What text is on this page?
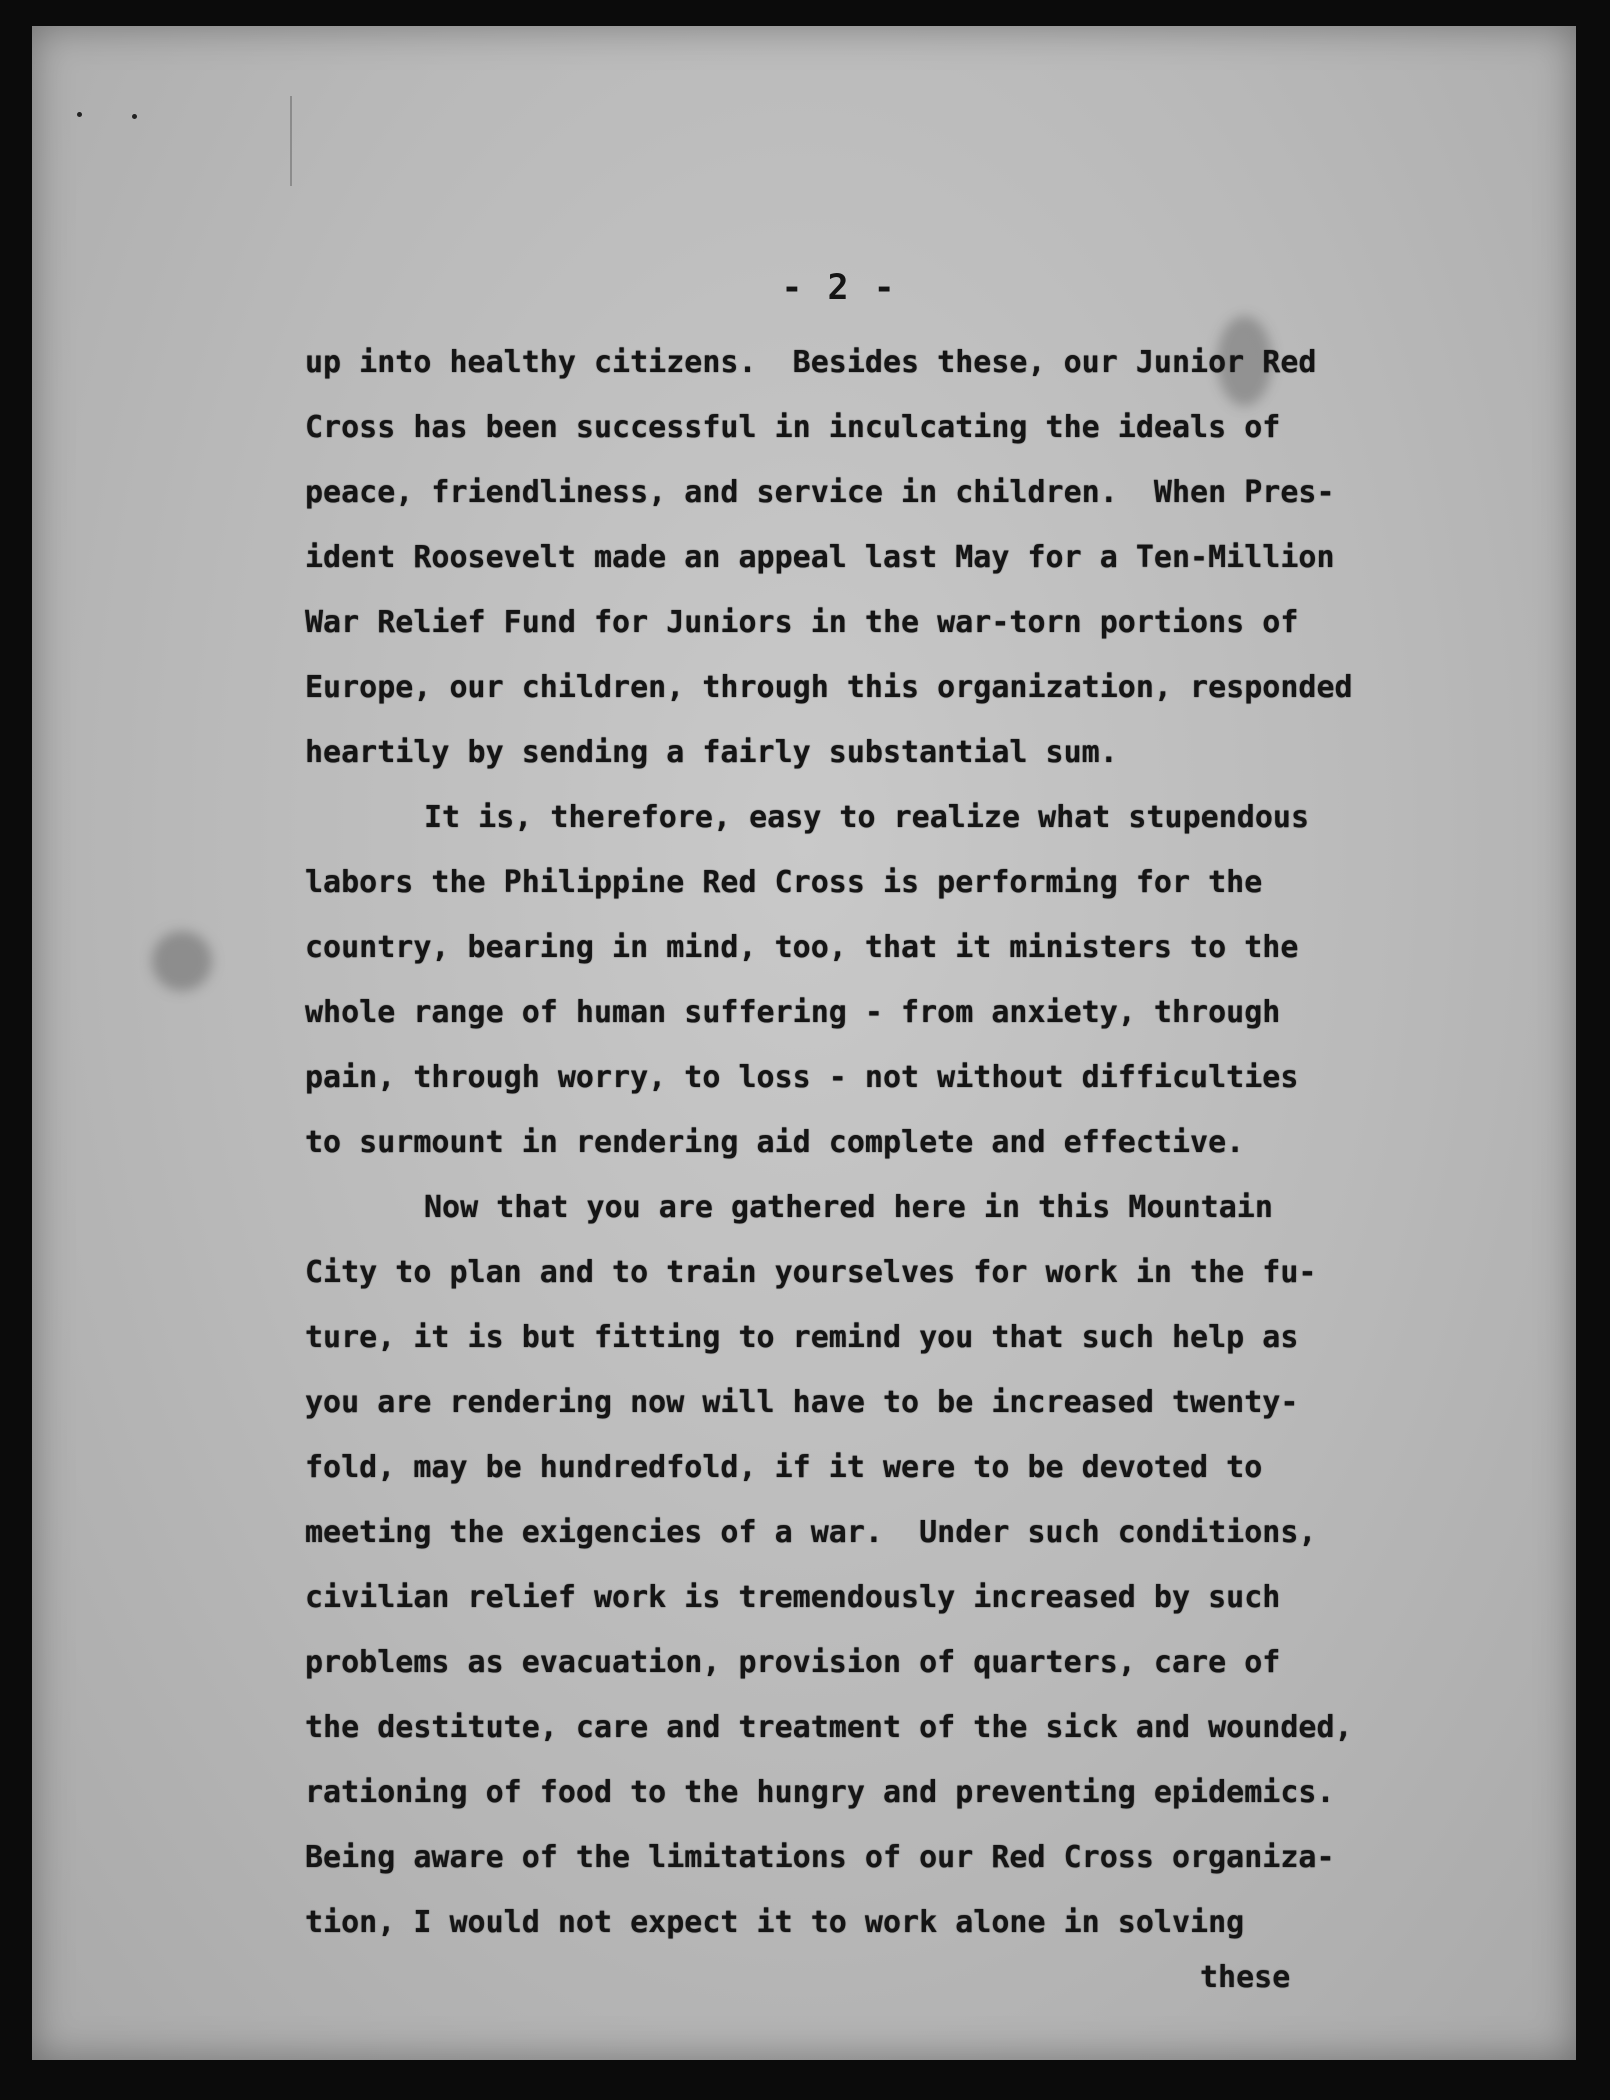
- 2 -
up into healthy citizens.  Besides these, our Junior Red
Cross has been successful in inculcating the ideals of
peace, friendliness, and service in children.  When Pres-
ident Roosevelt made an appeal last May for a Ten-Million
War Relief Fund for Juniors in the war-torn portions of
Europe, our children, through this organization, responded
heartily by sending a fairly substantial sum.
It is, therefore, easy to realize what stupendous
labors the Philippine Red Cross is performing for the
country, bearing in mind, too, that it ministers to the
whole range of human suffering - from anxiety, through
pain, through worry, to loss - not without difficulties
to surmount in rendering aid complete and effective.
Now that you are gathered here in this Mountain
City to plan and to train yourselves for work in the fu-
ture, it is but fitting to remind you that such help as
you are rendering now will have to be increased twenty-
fold, may be hundredfold, if it were to be devoted to
meeting the exigencies of a war.  Under such conditions,
civilian relief work is tremendously increased by such
problems as evacuation, provision of quarters, care of
the destitute, care and treatment of the sick and wounded,
rationing of food to the hungry and preventing epidemics.
Being aware of the limitations of our Red Cross organiza-
tion, I would not expect it to work alone in solving
these
